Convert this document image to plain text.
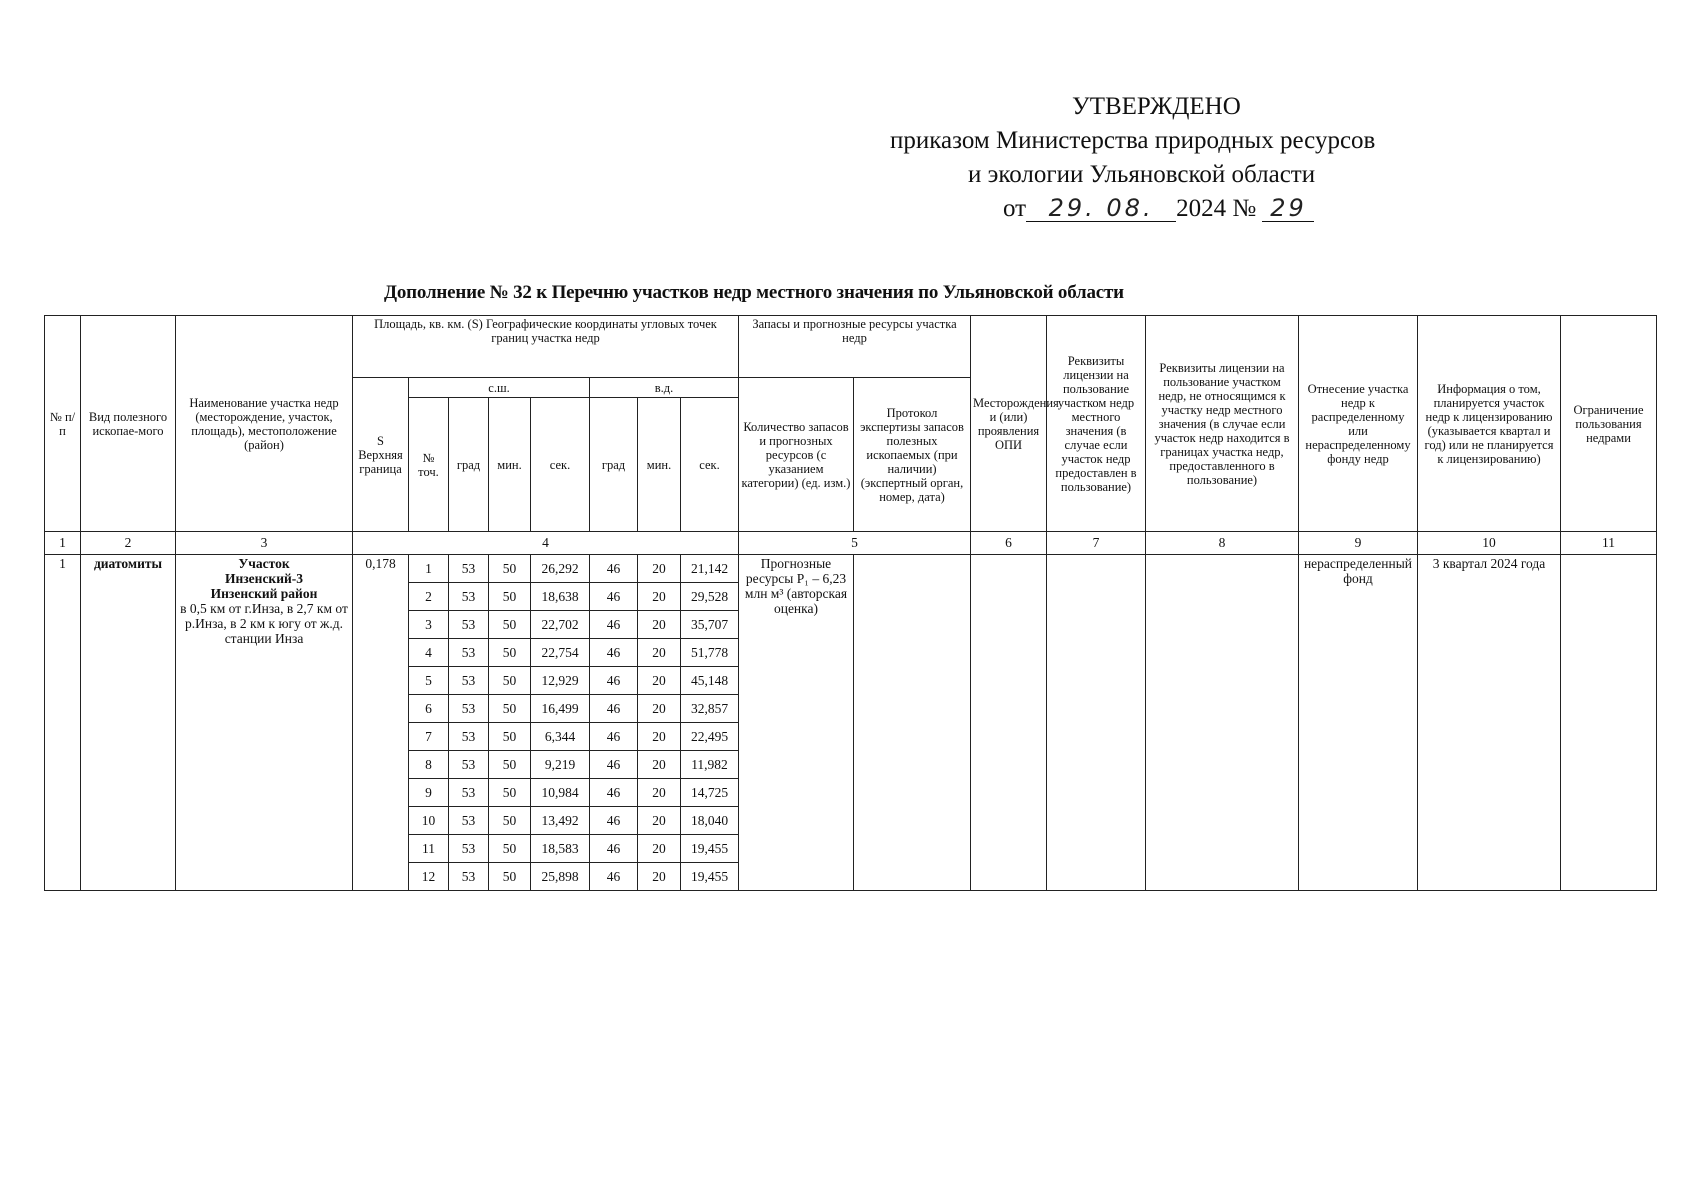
УТВЕРЖДЕНО
приказом Министерства природных ресурсов
и экологии Ульяновской области
от 29. 08. 2024 № 29
Дополнение № 32 к Перечню участков недр местного значения по Ульяновской области
№ п/п	Вид полезного ископае-мого	Наименование участка недр (месторождение, участок, площадь), местоположение (район)	Площадь, кв. км. (S) Географические координаты угловых точек границ участка недр								Запасы и прогнозные ресурсы участка недр		Месторождения и (или) проявления ОПИ	Реквизиты лицензии на пользование участком недр местного значения (в случае если участок недр предоставлен в пользование)	Реквизиты лицензии на пользование участком недр, не относящимся к участку недр местного значения (в случае если участок недр находится в границах участка недр, предоставленного в пользование)	Отнесение участка недр к распределенному или нераспределенному фонду недр	Информация о том, планируется участок недр к лицензированию (указывается квартал и год) или не планируется к лицензированию)	Ограничение пользования недрами
			S Верхняя граница	с.ш.				в.д.			Количество запасов и прогнозных ресурсов (с указанием категории) (ед. изм.)	Протокол экспертизы запасов полезных ископаемых (при наличии) (экспертный орган, номер, дата)						
				№ точ.	град	мин.	сек.	град	мин.	сек.								

1	2	3	4								5		6	7	8	9	10	11
1	диатомиты	Участок
Инзенский-3
Инзенский район
в 0,5 км от г.Инза, в 2,7 км от р.Инза, в 2 км к югу от ж.д. станции Инза	0,178	1	53	50	26,292	46	20	21,142	Прогнозные ресурсы P₁ – 6,23 млн м³ (авторская оценка)					нераспределенный фонд	3 квартал 2024 года	
				2	53	50	18,638	46	20	29,528								
				3	53	50	22,702	46	20	35,707								
				4	53	50	22,754	46	20	51,778								
				5	53	50	12,929	46	20	45,148								
				6	53	50	16,499	46	20	32,857								
				7	53	50	6,344	46	20	22,495								
				8	53	50	9,219	46	20	11,982								
				9	53	50	10,984	46	20	14,725								
				10	53	50	13,492	46	20	18,040								
				11	53	50	18,583	46	20	19,455								
				12	53	50	25,898	46	20	19,455								
